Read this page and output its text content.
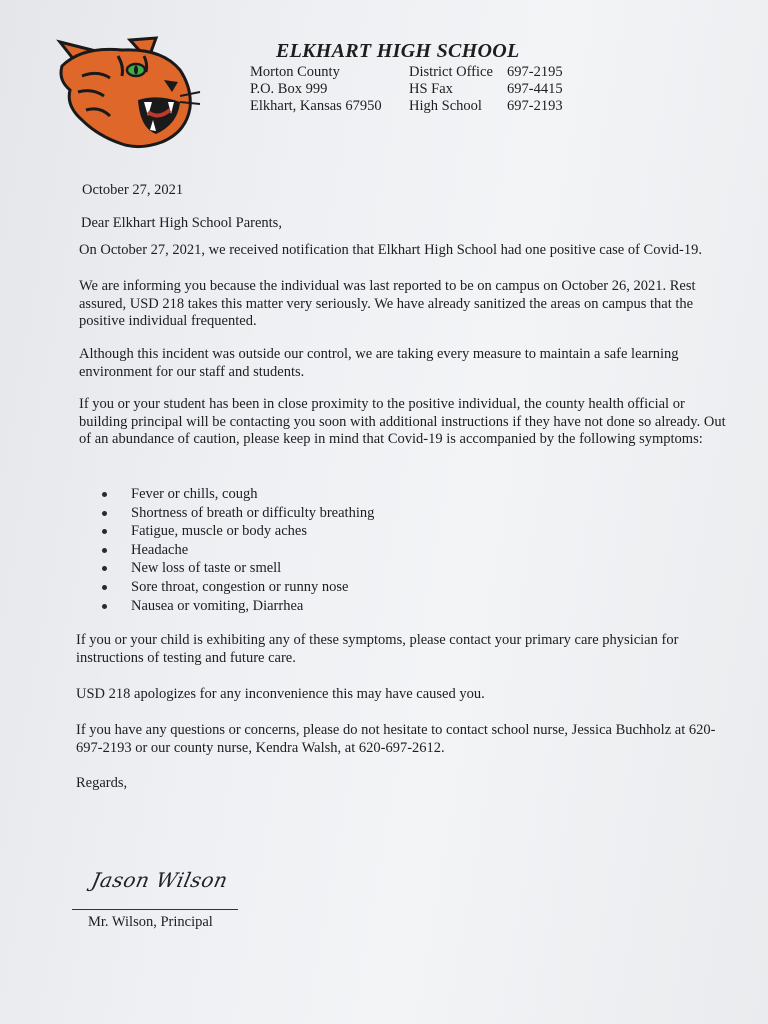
ELKHART HIGH SCHOOL
Morton County
P.O. Box 999
Elkhart, Kansas 67950
District Office
HS Fax
High School
697-2195
697-4415
697-2193
October 27, 2021
Dear Elkhart High School Parents,
On October 27, 2021, we received notification that Elkhart High School had one positive case of Covid-19.
We are informing you because the individual was last reported to be on campus on October 26, 2021. Rest assured, USD 218 takes this matter very seriously. We have already sanitized the areas on campus that the positive individual frequented.
Although this incident was outside our control, we are taking every measure to maintain a safe learning environment for our staff and students.
If you or your student has been in close proximity to the positive individual, the county health official or building principal will be contacting you soon with additional instructions if they have not done so already. Out of an abundance of caution, please keep in mind that Covid-19 is accompanied by the following symptoms:
Fever or chills, cough
Shortness of breath or difficulty breathing
Fatigue, muscle or body aches
Headache
New loss of taste or smell
Sore throat, congestion or runny nose
Nausea or vomiting, Diarrhea
If you or your child is exhibiting any of these symptoms, please contact your primary care physician for instructions of testing and future care.
USD 218 apologizes for any inconvenience this may have caused you.
If you have any questions or concerns, please do not hesitate to contact school nurse, Jessica Buchholz at 620-697-2193 or our county nurse, Kendra Walsh, at 620-697-2612.
Regards,
Jason Wilson
Mr. Wilson, Principal
